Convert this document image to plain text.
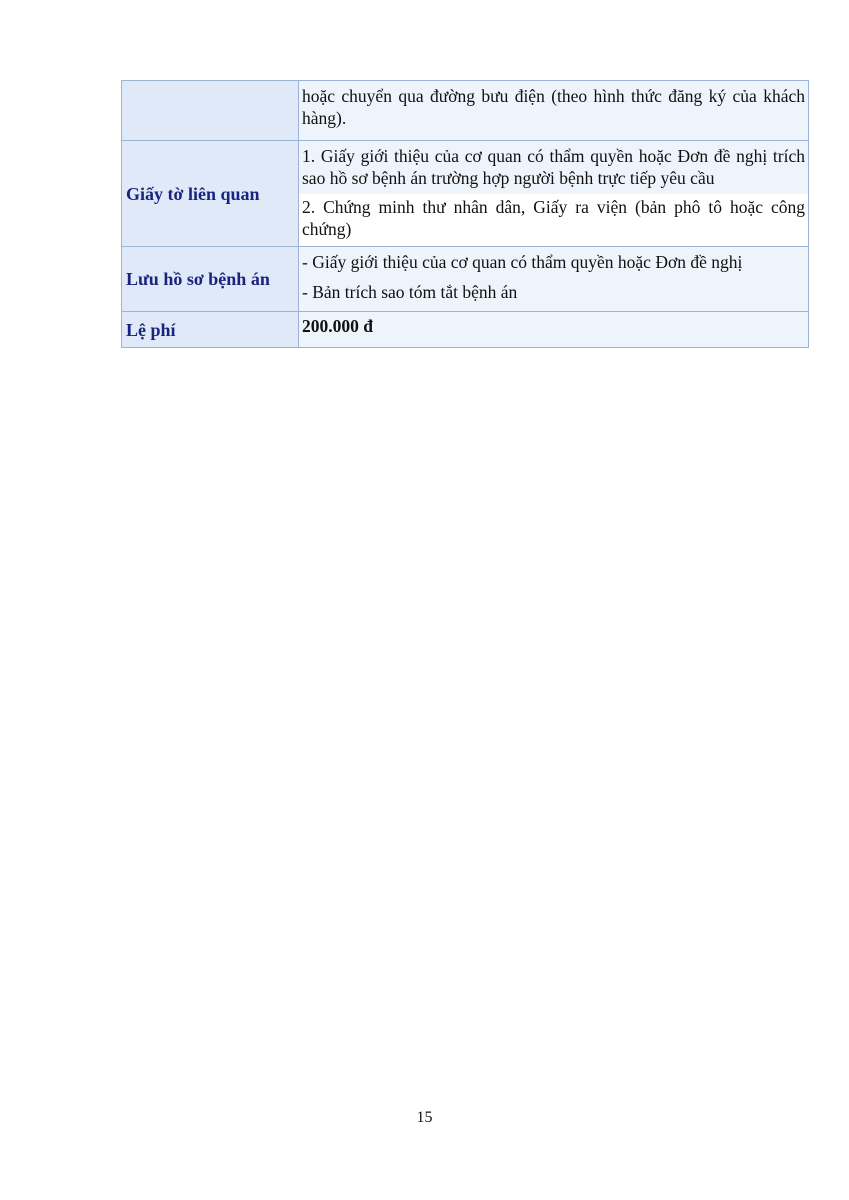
	hoặc chuyển qua đường bưu điện (theo hình thức đăng ký của khách hàng).

Giấy tờ liên quan	1. Giấy giới thiệu của cơ quan có thẩm quyền hoặc Đơn đề nghị trích sao hồ sơ bệnh án trường hợp người bệnh trực tiếp yêu cầu
2. Chứng minh thư nhân dân, Giấy ra viện (bản phô tô hoặc công chứng)

Lưu hồ sơ bệnh án	- Giấy giới thiệu của cơ quan có thẩm quyền hoặc Đơn đề nghị
- Bản trích sao tóm tắt bệnh án

Lệ phí	200.000 đ
15
